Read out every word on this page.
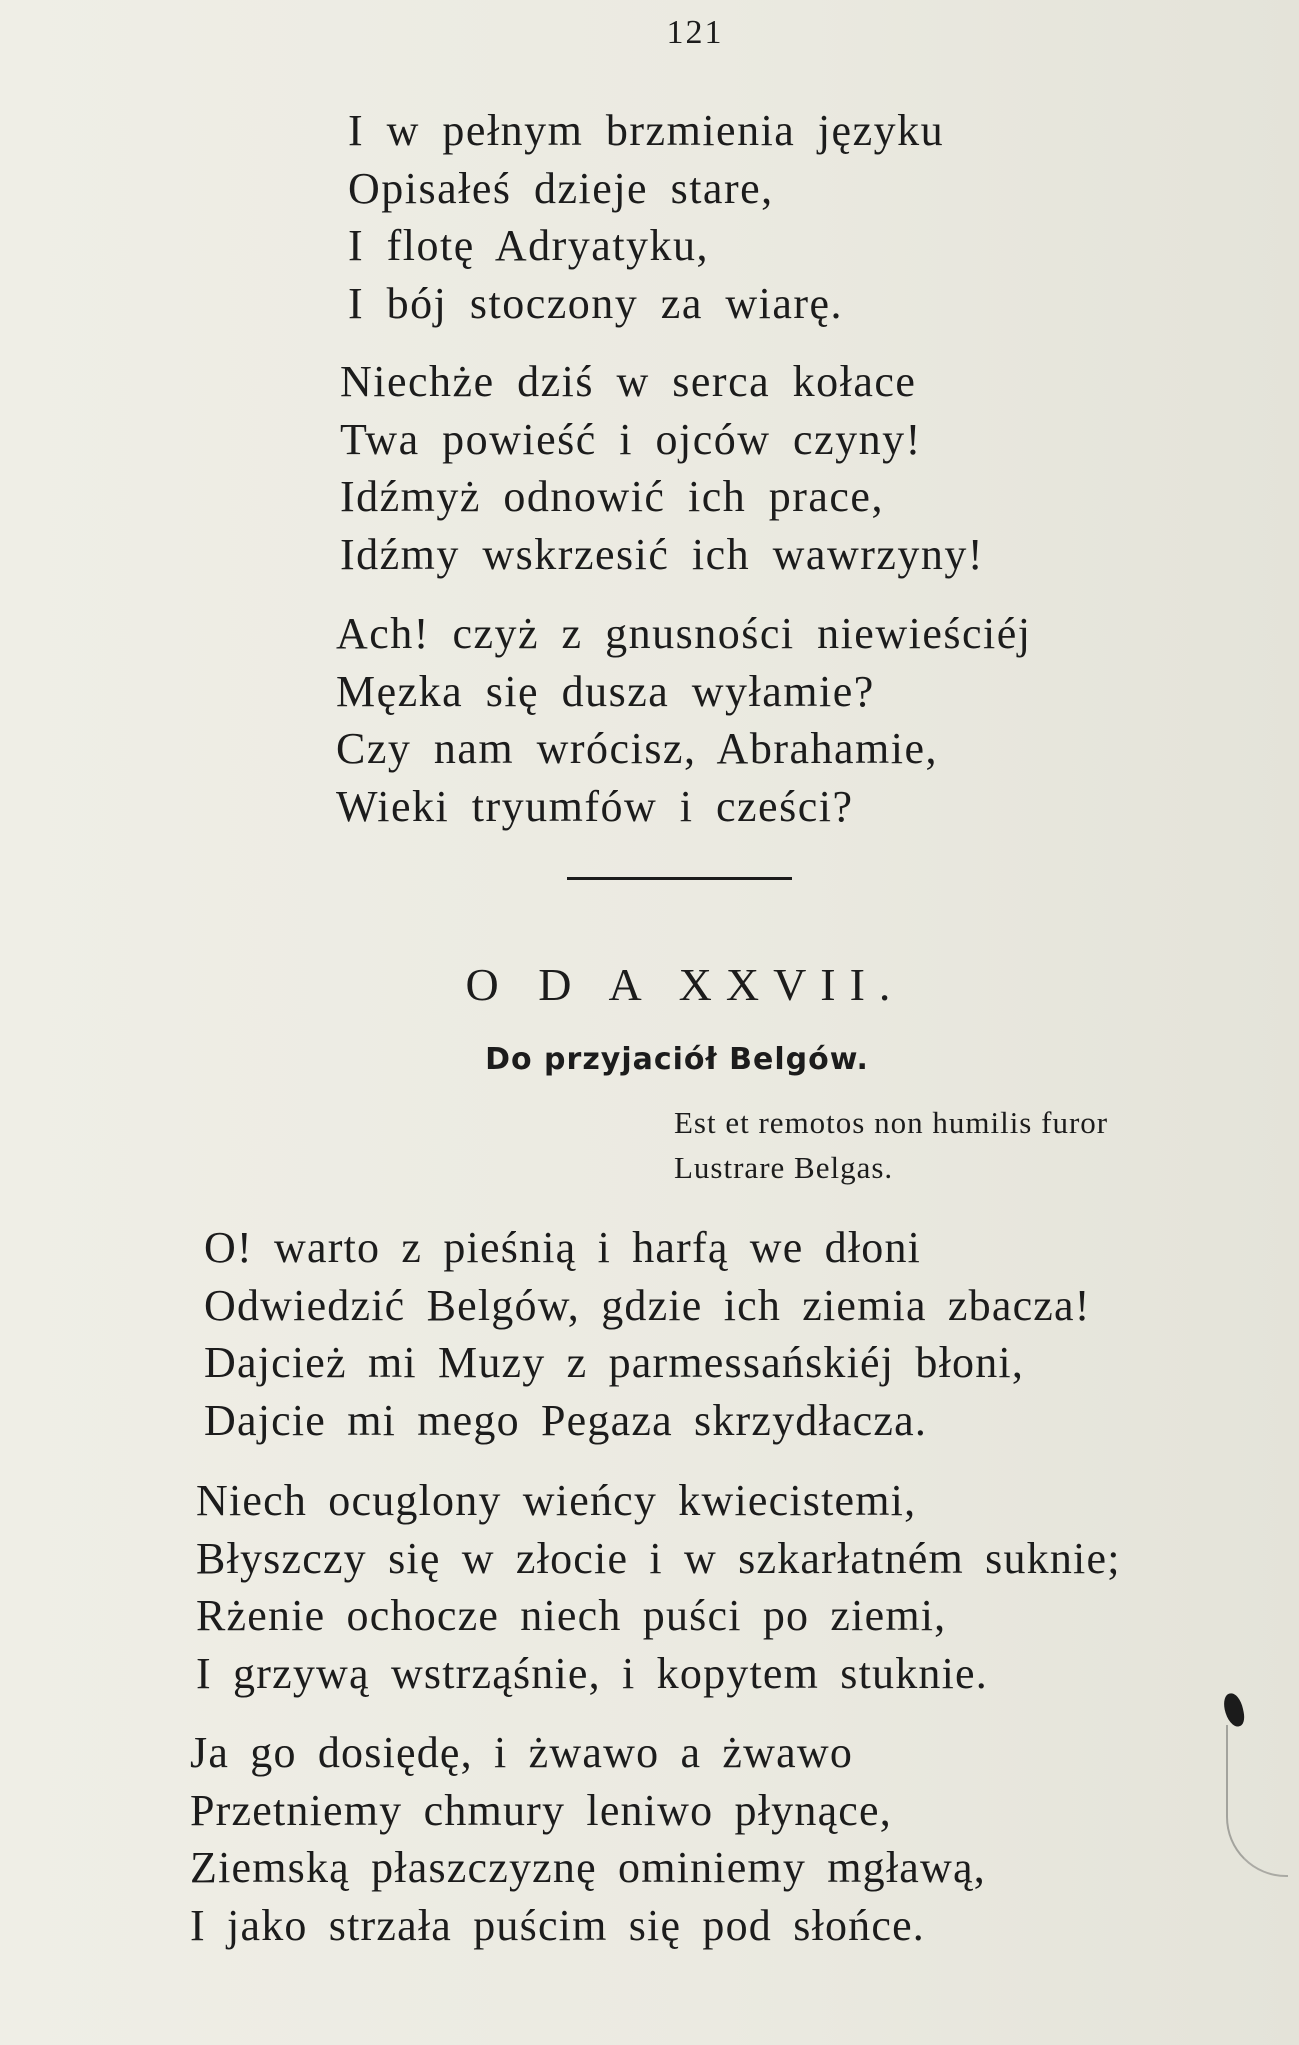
121
I w pełnym brzmienia języku
Opisałeś dzieje stare,
I flotę Adryatyku,
I bój stoczony za wiarę.
Niechże dziś w serca kołace
Twa powieść i ojców czyny!
Idźmyż odnowić ich prace,
Idźmy wskrzesić ich wawrzyny!
Ach! czyż z gnusności niewieściéj
Męzka się dusza wyłamie?
Czy nam wrócisz, Abrahamie,
Wieki tryumfów i cześci?
O D A XXVII.
Do przyjaciół Belgów.
Est et remotos non humilis furor
Lustrare Belgas.
O! warto z pieśnią i harfą we dłoni
Odwiedzić Belgów, gdzie ich ziemia zbacza!
Dajcież mi Muzy z parmessańskiéj błoni,
Dajcie mi mego Pegaza skrzydłacza.
Niech ocuglony wieńcy kwiecistemi,
Błyszczy się w złocie i w szkarłatném suknie;
Rżenie ochocze niech puści po ziemi,
I grzywą wstrząśnie, i kopytem stuknie.
Ja go dosiędę, i żwawo a żwawo
Przetniemy chmury leniwo płynące,
Ziemską płaszczyznę ominiemy mgławą,
I jako strzała puścim się pod słońce.
